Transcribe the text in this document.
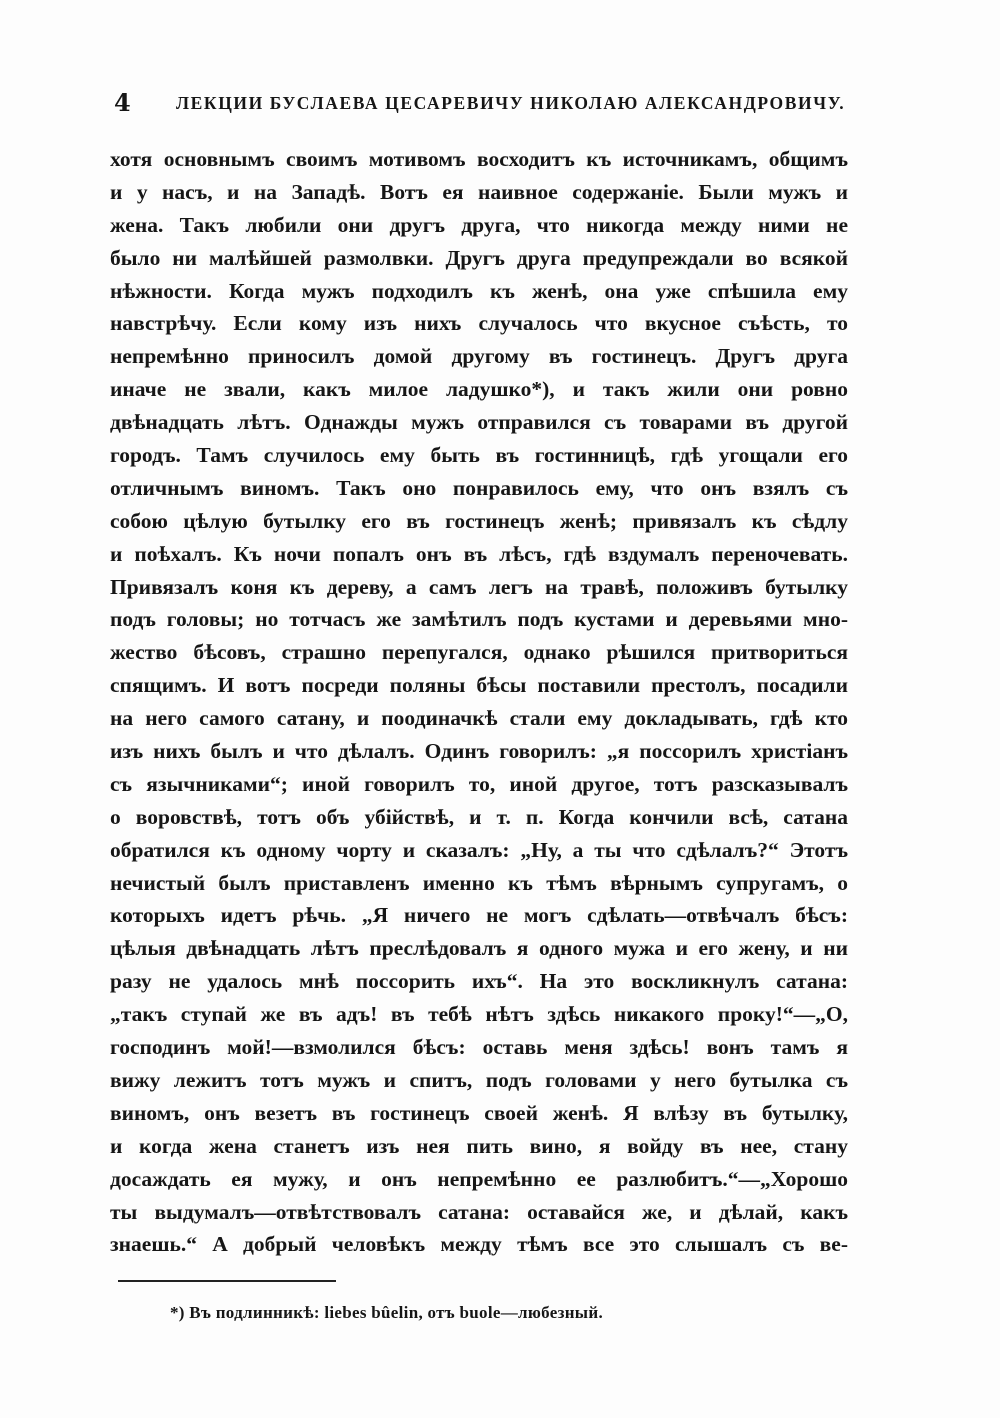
4	ЛЕКЦИИ БУСЛАЕВА ЦЕСАРЕВИЧУ НИКОЛАЮ АЛЕКСАНДРОВИЧУ.
хотя основнымъ своимъ мотивомъ восходитъ къ источникамъ, общимъ
и у насъ, и на Западѣ. Вотъ ея наивное содержаніе. Были мужъ и
жена. Такъ любили они другъ друга, что никогда между ними не
было ни малѣйшей размолвки. Другъ друга предупреждали во всякой
нѣжности. Когда мужъ подходилъ къ женѣ, она уже спѣшила ему
навстрѣчу. Если кому изъ нихъ случалось что вкусное съѣсть, то
непремѣнно приносилъ домой другому въ гостинецъ. Другъ друга
иначе не звали, какъ милое ладушко*), и такъ жили они ровно
двѣнадцать лѣтъ. Однажды мужъ отправился съ товарами въ другой
городъ. Тамъ случилось ему быть въ гостинницѣ, гдѣ угощали его
отличнымъ виномъ. Такъ оно понравилось ему, что онъ взялъ съ
собою цѣлую бутылку его въ гостинецъ женѣ; привязалъ къ сѣдлу
и поѣхалъ. Къ ночи попалъ онъ въ лѣсъ, гдѣ вздумалъ переночевать.
Привязалъ коня къ дереву, а самъ легъ на травѣ, положивъ бутылку
подъ головы; но тотчасъ же замѣтилъ подъ кустами и деревьями мно-
жество бѣсовъ, страшно перепугался, однако рѣшился притвориться
спящимъ. И вотъ посреди поляны бѣсы поставили престолъ, посадили
на него самого сатану, и поодиначкѣ стали ему докладывать, гдѣ кто
изъ нихъ былъ и что дѣлалъ. Одинъ говорилъ: „я поссорилъ христіанъ
съ язычниками“; иной говорилъ то, иной другое, тотъ разсказывалъ
о воровствѣ, тотъ объ убійствѣ, и т. п. Когда кончили всѣ, сатана
обратился къ одному чорту и сказалъ: „Ну, а ты что сдѣлалъ?“ Этотъ
нечистый былъ приставленъ именно къ тѣмъ вѣрнымъ супругамъ, о
которыхъ идетъ рѣчь. „Я ничего не могъ сдѣлать—отвѣчалъ бѣсъ:
цѣлыя двѣнадцать лѣтъ преслѣдовалъ я одного мужа и его жену, и ни
разу не удалось мнѣ поссорить ихъ“. На это воскликнулъ сатана:
„такъ ступай же въ адъ! въ тебѣ нѣтъ здѣсь никакого проку!“—„О,
господинъ мой!—взмолился бѣсъ: оставь меня здѣсь! вонъ тамъ я
вижу лежитъ тотъ мужъ и спитъ, подъ головами у него бутылка съ
виномъ, онъ везетъ въ гостинецъ своей женѣ. Я влѣзу въ бутылку,
и когда жена станетъ изъ нея пить вино, я войду въ нее, стану
досаждать ея мужу, и онъ непремѣнно ее разлюбитъ.“—„Хорошо
ты выдумалъ—отвѣтствовалъ сатана: оставайся же, и дѣлай, какъ
знаешь.“ А добрый человѣкъ между тѣмъ все это слышалъ съ ве-
*) Въ подлинникѣ: liebes bûelin, отъ buole—любезный.
